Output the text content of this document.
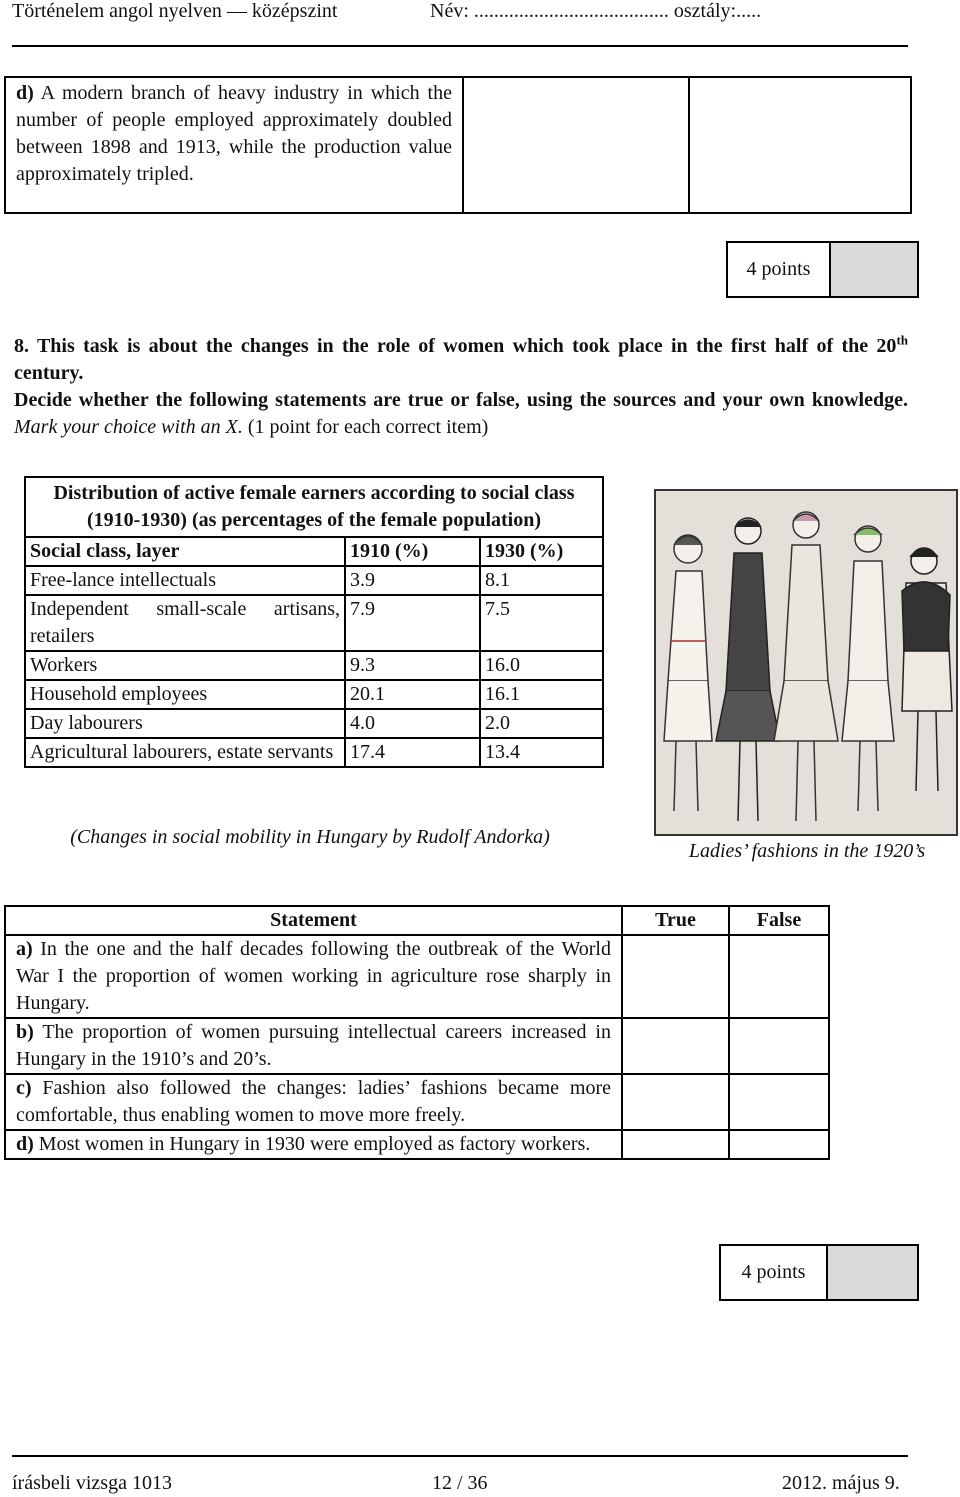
Történelem angol nyelven — középszint	Név: ....................................... osztály:.....
d) A modern branch of heavy industry in which the number of people employed approximately doubled between 1898 and 1913, while the production value approximately tripled.
4 points
8. This task is about the changes in the role of women which took place in the first half of the 20th century.
Decide whether the following statements are true or false, using the sources and your own knowledge. Mark your choice with an X. (1 point for each correct item)
Distribution of active female earners according to social class (1910-1930) (as percentages of the female population)		
Social class, layer	1910 (%)	1930 (%)
Free-lance intellectuals	3.9	8.1
Independent small-scale artisans, retailers	7.9	7.5
Workers	9.3	16.0
Household employees	20.1	16.1
Day labourers	4.0	2.0
Agricultural labourers, estate servants	17.4	13.4
(Changes in social mobility in Hungary by Rudolf Andorka)
Ladies’ fashions in the 1920’s
Statement	True	False
a) In the one and the half decades following the outbreak of the World War I the proportion of women working in agriculture rose sharply in Hungary.		
b) The proportion of women pursuing intellectual careers increased in Hungary in the 1910’s and 20’s.		
c) Fashion also followed the changes: ladies’ fashions became more comfortable, thus enabling women to move more freely.		
d) Most women in Hungary in 1930 were employed as factory workers.		
4 points
írásbeli vizsga 1013	12 / 36	2012. május 9.
